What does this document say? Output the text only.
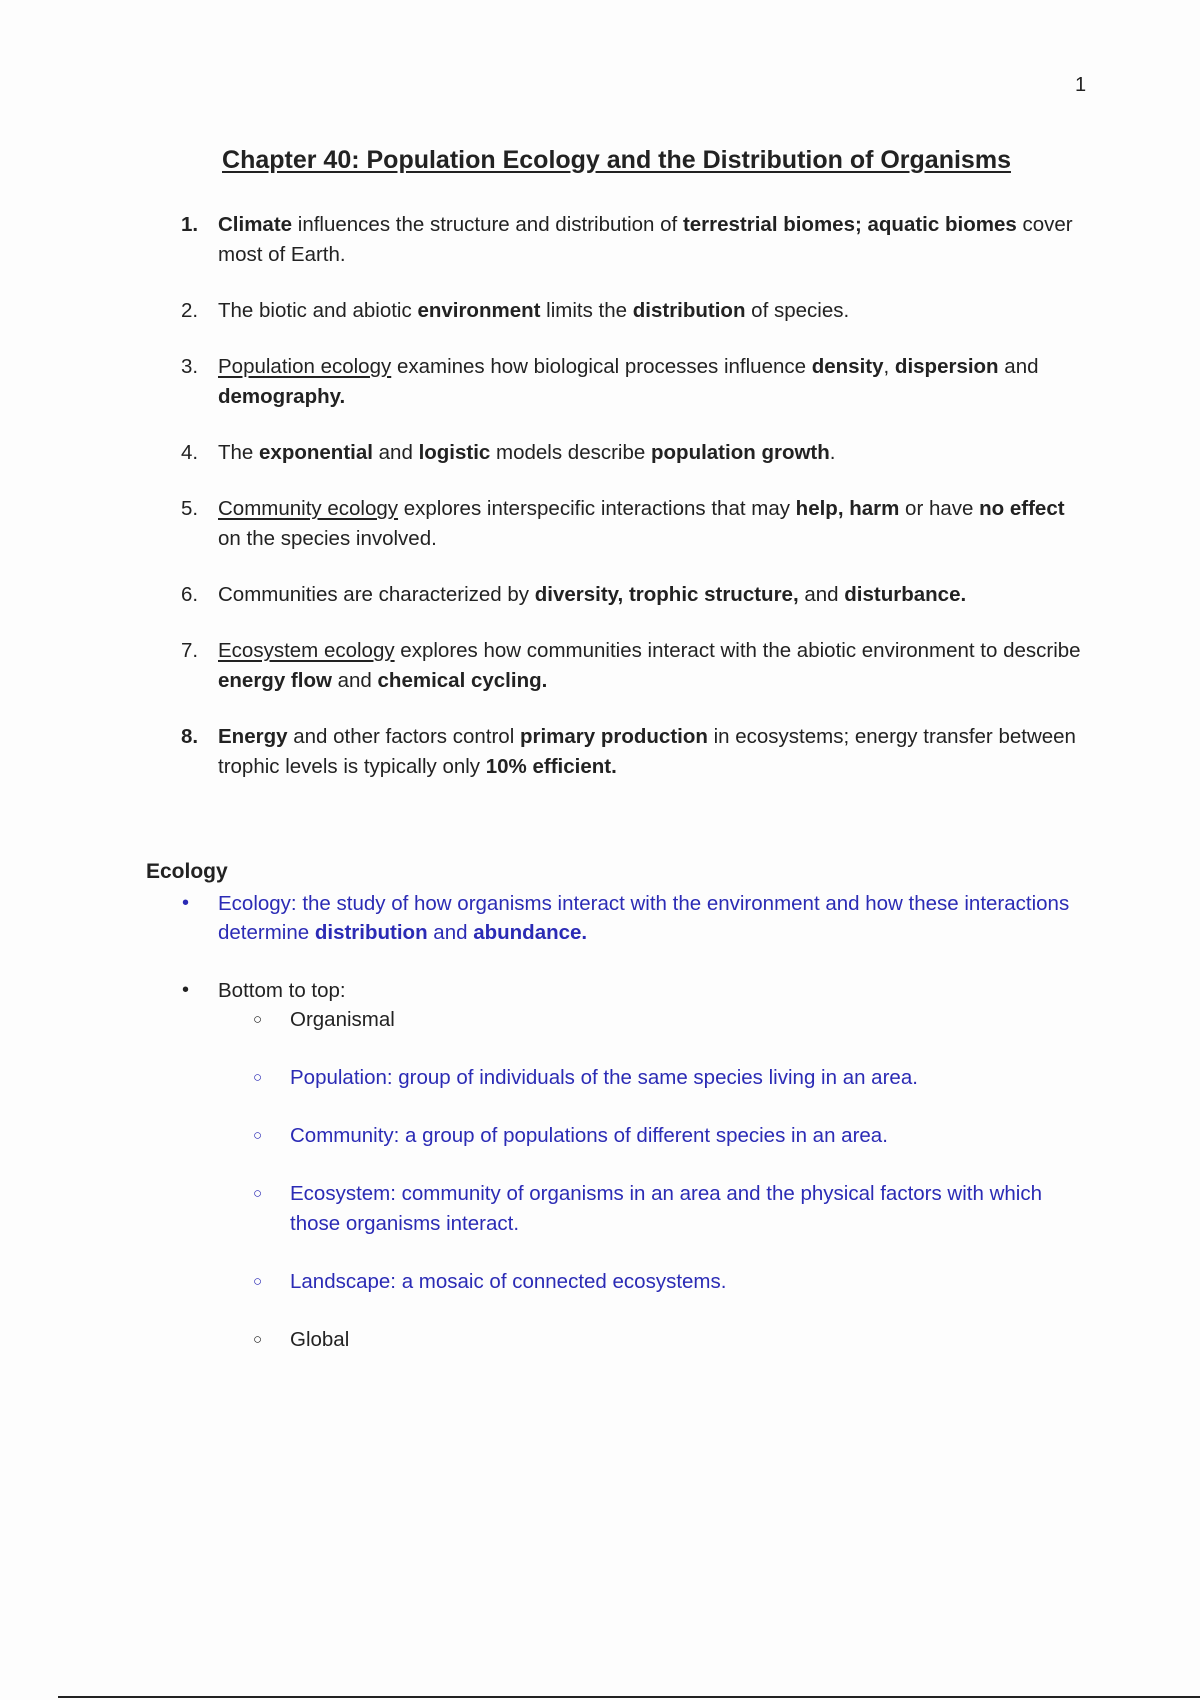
1
Chapter 40: Population Ecology and the Distribution of Organisms
1. Climate influences the structure and distribution of terrestrial biomes; aquatic biomes cover most of Earth.
2. The biotic and abiotic environment limits the distribution of species.
3. Population ecology examines how biological processes influence density, dispersion and demography.
4. The exponential and logistic models describe population growth.
5. Community ecology explores interspecific interactions that may help, harm or have no effect on the species involved.
6. Communities are characterized by diversity, trophic structure, and disturbance.
7. Ecosystem ecology explores how communities interact with the abiotic environment to describe energy flow and chemical cycling.
8. Energy and other factors control primary production in ecosystems; energy transfer between trophic levels is typically only 10% efficient.
Ecology
• Ecology: the study of how organisms interact with the environment and how these interactions determine distribution and abundance.
• Bottom to top:
○ Organismal
○ Population: group of individuals of the same species living in an area.
○ Community: a group of populations of different species in an area.
○ Ecosystem: community of organisms in an area and the physical factors with which those organisms interact.
○ Landscape: a mosaic of connected ecosystems.
○ Global
